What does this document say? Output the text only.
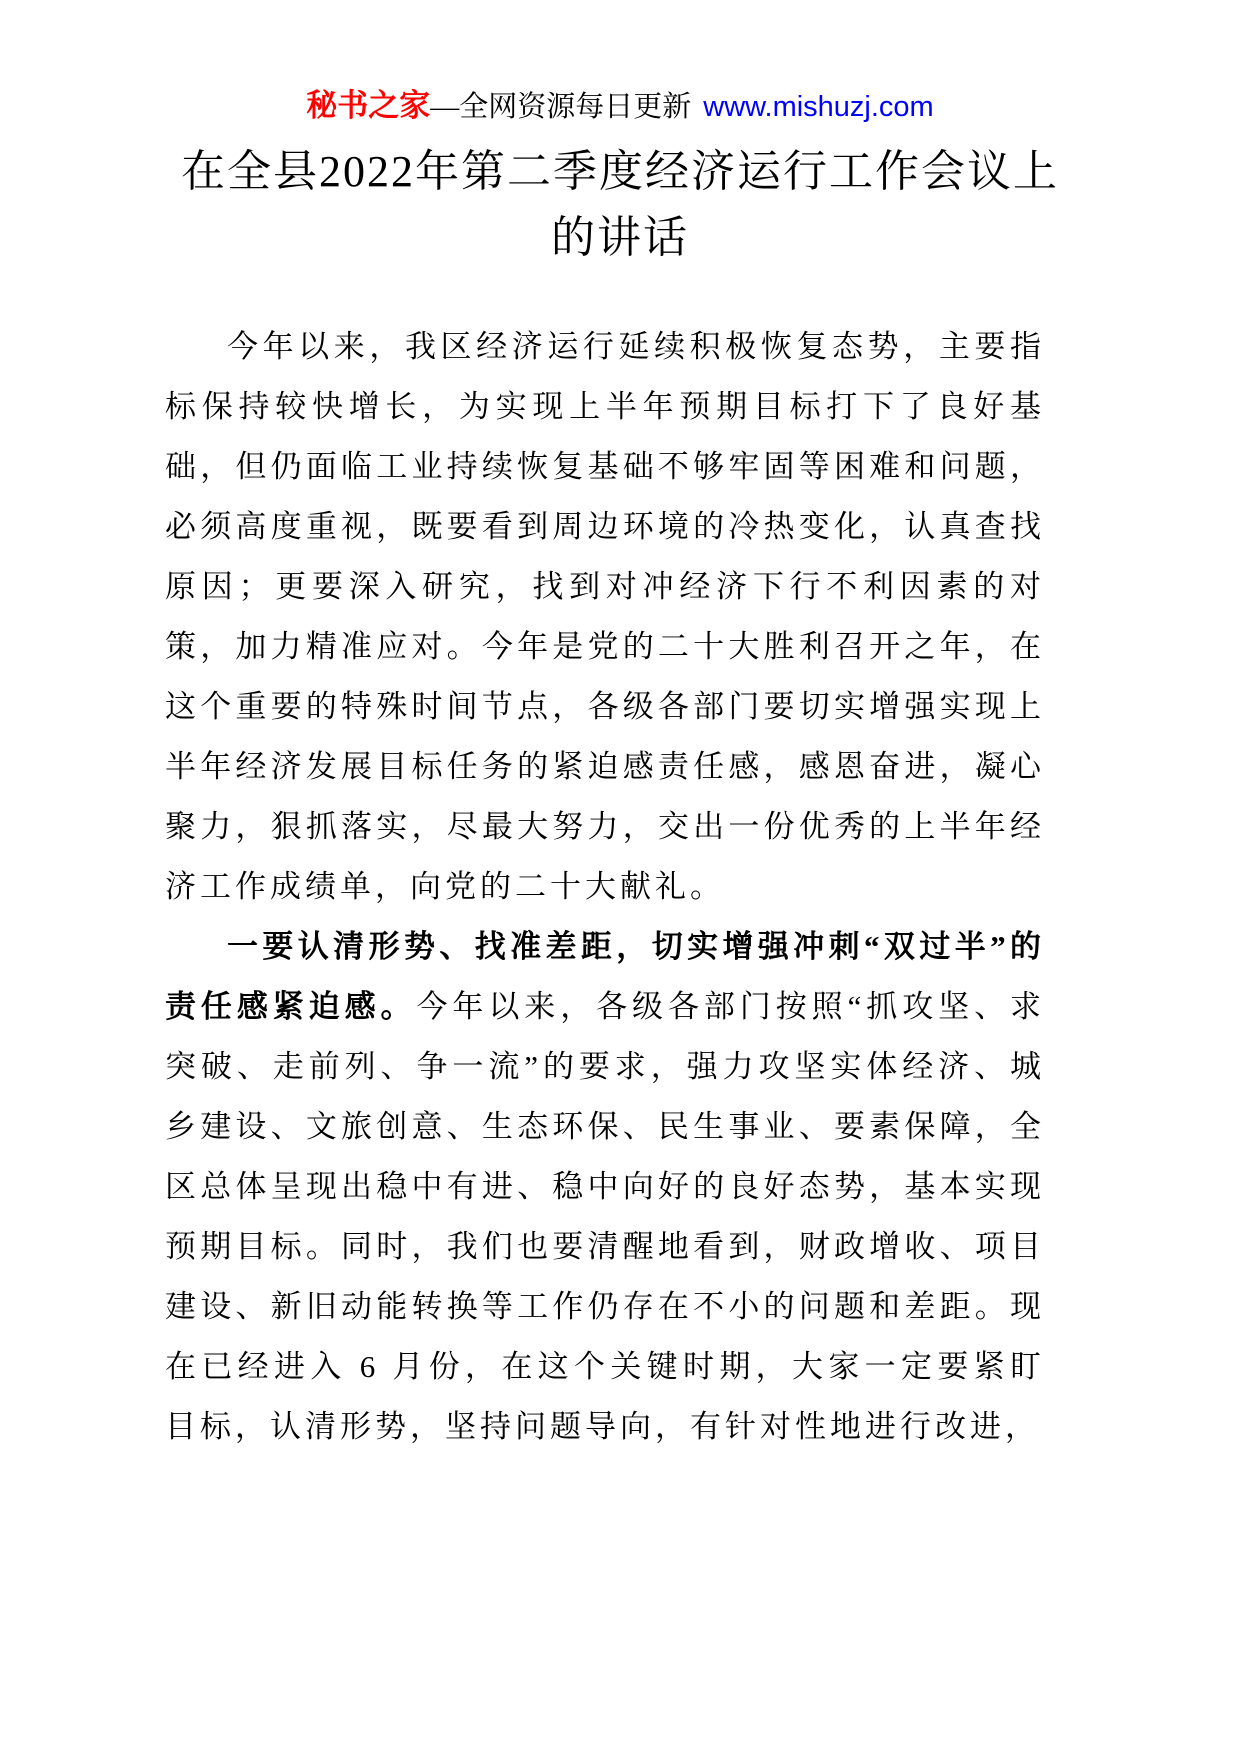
秘书之家—全网资源每日更新 www.mishuzj.com
在全县2022年第二季度经济运行工作会议上的讲话

今年以来，我区经济运行延续积极恢复态势，主要指标保持较快增长，为实现上半年预期目标打下了良好基础，但仍面临工业持续恢复基础不够牢固等困难和问题，必须高度重视，既要看到周边环境的冷热变化，认真查找原因；更要深入研究，找到对冲经济下行不利因素的对策，加力精准应对。今年是党的二十大胜利召开之年，在这个重要的特殊时间节点，各级各部门要切实增强实现上半年经济发展目标任务的紧迫感责任感，感恩奋进，凝心聚力，狠抓落实，尽最大努力，交出一份优秀的上半年经济工作成绩单，向党的二十大献礼。

一要认清形势、找准差距，切实增强冲刺“双过半”的责任感紧迫感。今年以来，各级各部门按照“抓攻坚、求突破、走前列、争一流”的要求，强力攻坚实体经济、城乡建设、文旅创意、生态环保、民生事业、要素保障，全区总体呈现出稳中有进、稳中向好的良好态势，基本实现预期目标。同时，我们也要清醒地看到，财政增收、项目建设、新旧动能转换等工作仍存在不小的问题和差距。现在已经进入 6 月份，在这个关键时期，大家一定要紧盯目标，认清形势，坚持问题导向，有针对性地进行改进，
